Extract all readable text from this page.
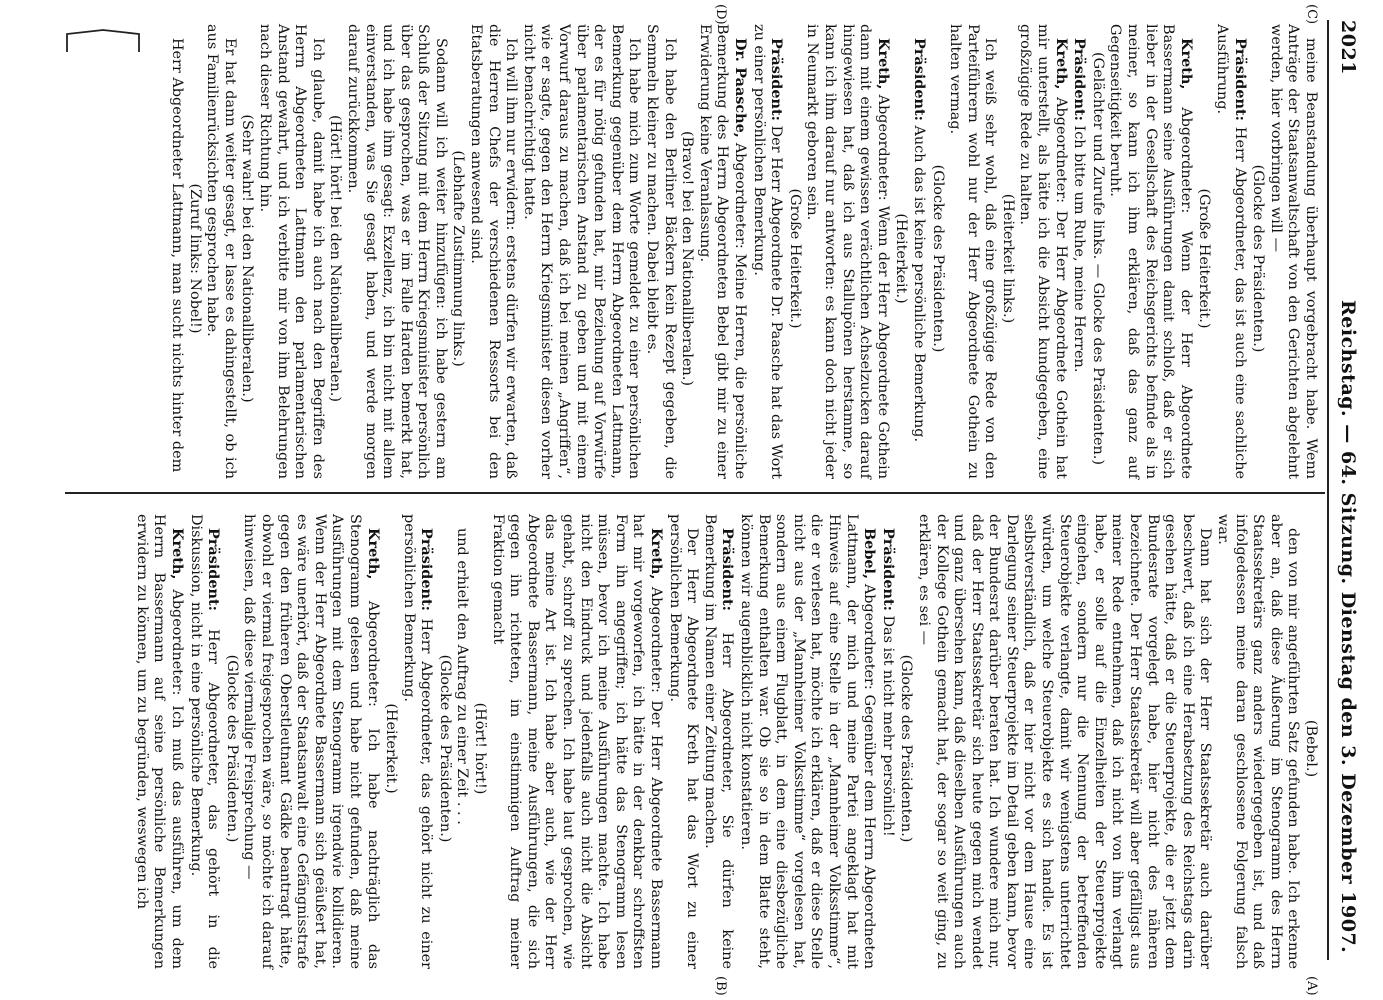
2021
Reichstag. — 64. Sitzung. Dienstag den 3. Dezember 1907.
(C)
(D)
(A)
(B)

meine Beanstandung überhaupt vorgebracht habe. Wenn Anträge der Staatsanwaltschaft von den Gerichten abgelehnt werden, hier vorbringen will —

(Glocke des Präsidenten.)

Präsident: Herr Abgeordneter, das ist auch eine sachliche Ausführung.

(Große Heiterkeit.)

Kreth, Abgeordneter: Wenn der Herr Abgeordnete Bassermann seine Ausführungen damit schloß, daß er sich lieber in der Gesellschaft des Reichsgerichts befinde als in meiner, so kann ich ihm erklären, daß das ganz auf Gegenseitigkeit beruht.

(Gelächter und Zurufe links. — Glocke des Präsidenten.)

Präsident: Ich bitte um Ruhe, meine Herren.

Kreth, Abgeordneter: Der Herr Abgeordnete Gothein hat mir unterstellt, als hätte ich die Absicht kundgegeben, eine großzügige Rede zu halten.

(Heiterkeit links.)

Ich weiß sehr wohl, daß eine großzügige Rede von den Parteiführern wohl nur der Herr Abgeordnete Gothein zu halten vermag.

(Glocke des Präsidenten.)

Präsident: Auch das ist keine persönliche Bemerkung.

(Heiterkeit.)

Kreth, Abgeordneter: Wenn der Herr Abgeordnete Gothein dann mit einem gewissen verächtlichen Achselzucken darauf hingewiesen hat, daß ich aus Stallupönen herstamme, so kann ich ihm darauf nur antworten: es kann doch nicht jeder in Neumarkt geboren sein.

(Große Heiterkeit.)

Präsident: Der Herr Abgeordnete Dr. Paasche hat das Wort zu einer persönlichen Bemerkung.

Dr. Paasche, Abgeordneter: Meine Herren, die persönliche Bemerkung des Herrn Abgeordneten Bebel gibt mir zu einer Erwiderung keine Veranlassung.

(Bravo! bei den Nationalliberalen.)

Ich habe den Berliner Bäckern kein Rezept gegeben, die Semmeln kleiner zu machen. Dabei bleibt es.

Ich habe mich zum Worte gemeldet zu einer persönlichen Bemerkung gegenüber dem Herrn Abgeordneten Lattmann, der es für nötig gefunden hat, mir Beziehung auf Vorwürfe über parlamentarischen Anstand zu geben und mit einem Vorwurf daraus zu machen, daß ich bei meinen „Angriffen“, wie er sagte, gegen den Herrn Kriegsminister diesen vorher nicht benachrichtigt hatte.

Ich will ihm nur erwidern: erstens dürfen wir erwarten, daß die Herren Chefs der verschiedenen Ressorts bei den Etatsberatungen anwesend sind.

(Lebhafte Zustimmung links.)

Sodann will ich weiter hinzufügen: ich habe gestern am Schluß der Sitzung mit dem Herrn Kriegsminister persönlich über das gesprochen, was er im Falle Harden bemerkt hat, und ich habe ihm gesagt: Exzellenz, ich bin nicht mit allem einverstanden, was Sie gesagt haben, und werde morgen darauf zurückkommen.

(Hört! hört! bei den Nationalliberalen.)

Ich glaube, damit habe ich auch nach den Begriffen des Herrn Abgeordneten Lattmann den parlamentarischen Anstand gewahrt, und ich verbitte mir von ihm Belehrungen nach dieser Richtung hin.

(Sehr wahr! bei den Nationalliberalen.)

Er hat dann weiter gesagt, er lasse es dahingestellt, ob ich aus Familienrücksichten gesprochen habe.

(Zuruf links: Nobel!)

Herr Abgeordneter Lattmann, man sucht nichts hinter dem

(Bebel.)

den von mir angeführten Satz gefunden habe. Ich erkenne aber an, daß diese Äußerung im Stenogramm des Herrn Staatssekretärs ganz anders wiedergegeben ist, und daß infolgedessen meine daran geschlossene Folgerung falsch war.

Dann hat sich der Herr Staatssekretär auch darüber beschwert, daß ich eine Herabsetzung des Reichstags darin gesehen hätte, daß er die Steuerprojekte, die er jetzt dem Bundesrate vorgelegt habe, hier nicht des näheren bezeichnete. Der Herr Staatssekretär will aber gefälligst aus meiner Rede entnehmen, daß ich nicht von ihm verlangt habe, er solle auf die Einzelheiten der Steuerprojekte eingehen, sondern nur die Nennung der betreffenden Steuerobjekte verlangte, damit wir wenigstens unterrichtet würden, um welche Steuerobjekte es sich handle. Es ist selbstverständlich, daß er hier nicht vor dem Hause eine Darlegung seiner Steuerprojekte im Detail geben kann, bevor der Bundesrat darüber beraten hat. Ich wundere mich nur, daß der Herr Staatssekretär sich heute gegen mich wendet und ganz übersehen kann, daß dieselben Ausführungen auch der Kollege Gothein gemacht hat, der sogar so weit ging, zu erklären, es sei —

(Glocke des Präsidenten.)

Präsident: Das ist nicht mehr persönlich!

Bebel, Abgeordneter: Gegenüber dem Herrn Abgeordneten Lattmann, der mich und meine Partei angeklagt hat mit Hinweis auf eine Stelle in der „Mannheimer Volksstimme“, die er verlesen hat, möchte ich erklären, daß er diese Stelle nicht aus der „Mannheimer Volksstimme“ vorgelesen hat, sondern aus einem Flugblatt, in dem eine diesbezügliche Bemerkung enthalten war. Ob sie so in dem Blatte steht, können wir augenblicklich nicht konstatieren.

Präsident: Herr Abgeordneter, Sie dürfen keine Bemerkung im Namen einer Zeitung machen.

Der Herr Abgeordnete Kreth hat das Wort zu einer persönlichen Bemerkung.

Kreth, Abgeordneter: Der Herr Abgeordnete Bassermann hat mir vorgeworfen, ich hätte in der denkbar schroffsten Form ihn angegriffen; ich hätte das Stenogramm lesen müssen, bevor ich meine Ausführungen machte. Ich habe nicht den Eindruck und jedenfalls auch nicht die Absicht gehabt, schroff zu sprechen. Ich habe laut gesprochen, wie das meine Art ist. Ich habe aber auch, wie der Herr Abgeordnete Bassermann, meine Ausführungen, die sich gegen ihn richteten, im einstimmigen Auftrag meiner Fraktion gemacht

(Hört! hört!)

und erhielt den Auftrag zu einer Zeit . . .

(Glocke des Präsidenten.)

Präsident: Herr Abgeordneter, das gehört nicht zu einer persönlichen Bemerkung.

(Heiterkeit.)

Kreth, Abgeordneter: Ich habe nachträglich das Stenogramm gelesen und habe nicht gefunden, daß meine Ausführungen mit dem Stenogramm irgendwie kollidieren. Wenn der Herr Abgeordnete Bassermann sich geäußert hat, es wäre unerhört, daß der Staatsanwalt eine Gefängnisstrafe gegen den früheren Oberstleutnant Gädke beantragt hätte, obwohl er viermal freigesprochen wäre, so möchte ich darauf hinweisen, daß diese viermalige Freisprechung —

(Glocke des Präsidenten.)

Präsident: Herr Abgeordneter, das gehört in die Diskussion, nicht in eine persönliche Bemerkung.

Kreth, Abgeordneter: Ich muß das ausführen, um dem Herrn Bassermann auf seine persönliche Bemerkungen erwidern zu können, um zu begründen, weswegen ich
